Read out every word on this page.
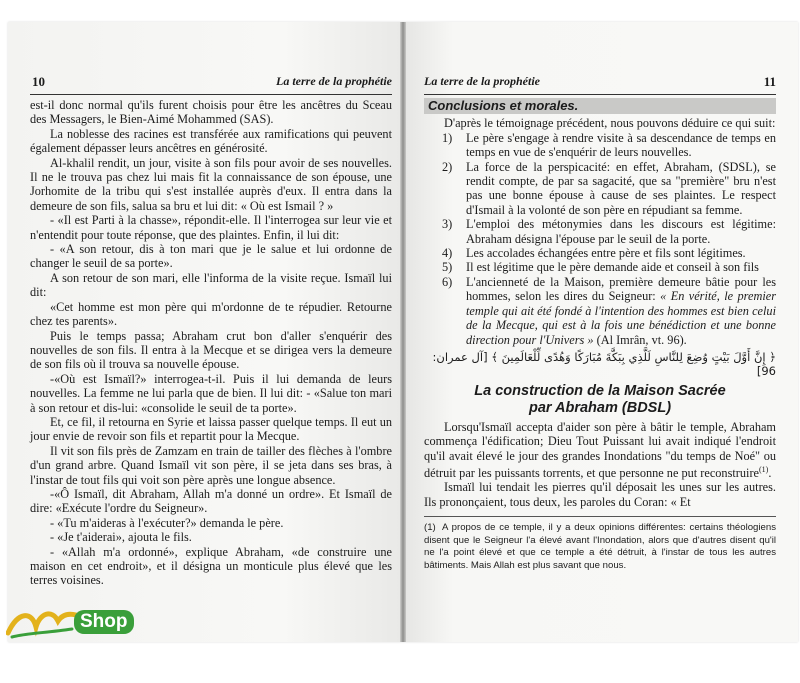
10	La terre de la prophétie

est-il donc normal qu'ils furent choisis pour être les ancêtres du Sceau des Messagers, le Bien-Aimé Mohammed (SAS).

La noblesse des racines est transférée aux ramifications qui peuvent également dépasser leurs ancêtres en générosité.

Al-khalil rendit, un jour, visite à son fils pour avoir de ses nouvelles. Il ne le trouva pas chez lui mais fit la connaissance de son épouse, une Jorhomite de la tribu qui s'est installée auprès d'eux. Il entra dans la demeure de son fils, salua sa bru et lui dit: « Où est Ismail ? »

- «Il est Parti à la chasse», répondit-elle. Il l'interrogea sur leur vie et n'entendit pour toute réponse, que des plaintes. Enfin, il lui dit:

- «A son retour, dis à ton mari que je le salue et lui ordonne de changer le seuil de sa porte».

A son retour de son mari, elle l'informa de la visite reçue. Ismaïl lui dit:

«Cet homme est mon père qui m'ordonne de te répudier. Retourne chez tes parents».

Puis le temps passa; Abraham crut bon d'aller s'enquérir des nouvelles de son fils. Il entra à la Mecque et se dirigea vers la demeure de son fils où il trouva sa nouvelle épouse.

-«Où est Ismaïl?» interrogea-t-il. Puis il lui demanda de leurs nouvelles. La femme ne lui parla que de bien. Il lui dit: - «Salue ton mari à son retour et dis-lui: «consolide le seuil de ta porte».

Et, ce fil, il retourna en Syrie et laissa passer quelque temps. Il eut un jour envie de revoir son fils et repartit pour la Mecque.

Il vit son fils près de Zamzam en train de tailler des flèches à l'ombre d'un grand arbre. Quand Ismaïl vit son père, il se jeta dans ses bras, à l'instar de tout fils qui voit son père après une longue absence.

-«Ô Ismaïl, dit Abraham, Allah m'a donné un ordre». Et Ismaïl de dire: «Exécute l'ordre du Seigneur».

- «Tu m'aideras à l'exécuter?» demanda le père.

- «Je t'aiderai», ajouta le fils.

- «Allah m'a ordonné», explique Abraham, «de construire une maison en cet endroit», et il désigna un monticule plus élevé que les terres voisines.

La terre de la prophétie	11
Conclusions et morales.

D'après le témoignage précédent, nous pouvons déduire ce qui suit:

1) Le père s'engage à rendre visite à sa descendance de temps en temps en vue de s'enquérir de leurs nouvelles.
2) La force de la perspicacité: en effet, Abraham, (SDSL), se rendit compte, de par sa sagacité, que sa "première" bru n'est pas une bonne épouse à cause de ses plaintes. Le respect d'Ismail à la volonté de son père en répudiant sa femme.
3) L'emploi des métonymies dans les discours est légitime: Abraham désigna l'épouse par le seuil de la porte.
4) Les accolades échangées entre père et fils sont légitimes.
5) Il est légitime que le père demande aide et conseil à son fils
6) L'ancienneté de la Maison, première demeure bâtie pour les hommes, selon les dires du Seigneur: « En vérité, le premier temple qui ait été fondé à l'intention des hommes est bien celui de la Mecque, qui est à la fois une bénédiction et une bonne direction pour l'Univers » (Al Imrân, vt. 96).
﴿ إِنَّ أَوَّلَ بَيْتٍ وُضِعَ لِلنَّاسِ لَلَّذِي بِبَكَّةَ مُبَارَكًا وَهُدًى لِّلْعَالَمِينَ ﴾ [آل عمران: 96]
La construction de la Maison Sacrée
par Abraham (BDSL)

Lorsqu'Ismaïl accepta d'aider son père à bâtir le temple, Abraham commença l'édification; Dieu Tout Puissant lui avait indiqué l'endroit qu'il avait élevé le jour des grandes Inondations "du temps de Noé" ou détruit par les puissants torrents, et que personne ne put reconstruire$^{(1)}$.

Ismaïl lui tendait les pierres qu'il déposait les unes sur les autres. Ils prononçaient, tous deux, les paroles du Coran: « Et

(1) A propos de ce temple, il y a deux opinions différentes: certains théologiens disent que le Seigneur l'a élevé avant l'Inondation, alors que d'autres disent qu'il ne l'a point élevé et que ce temple a été détruit, à l'instar de tous les autres bâtiments. Mais Allah est plus savant que nous.
Shop
